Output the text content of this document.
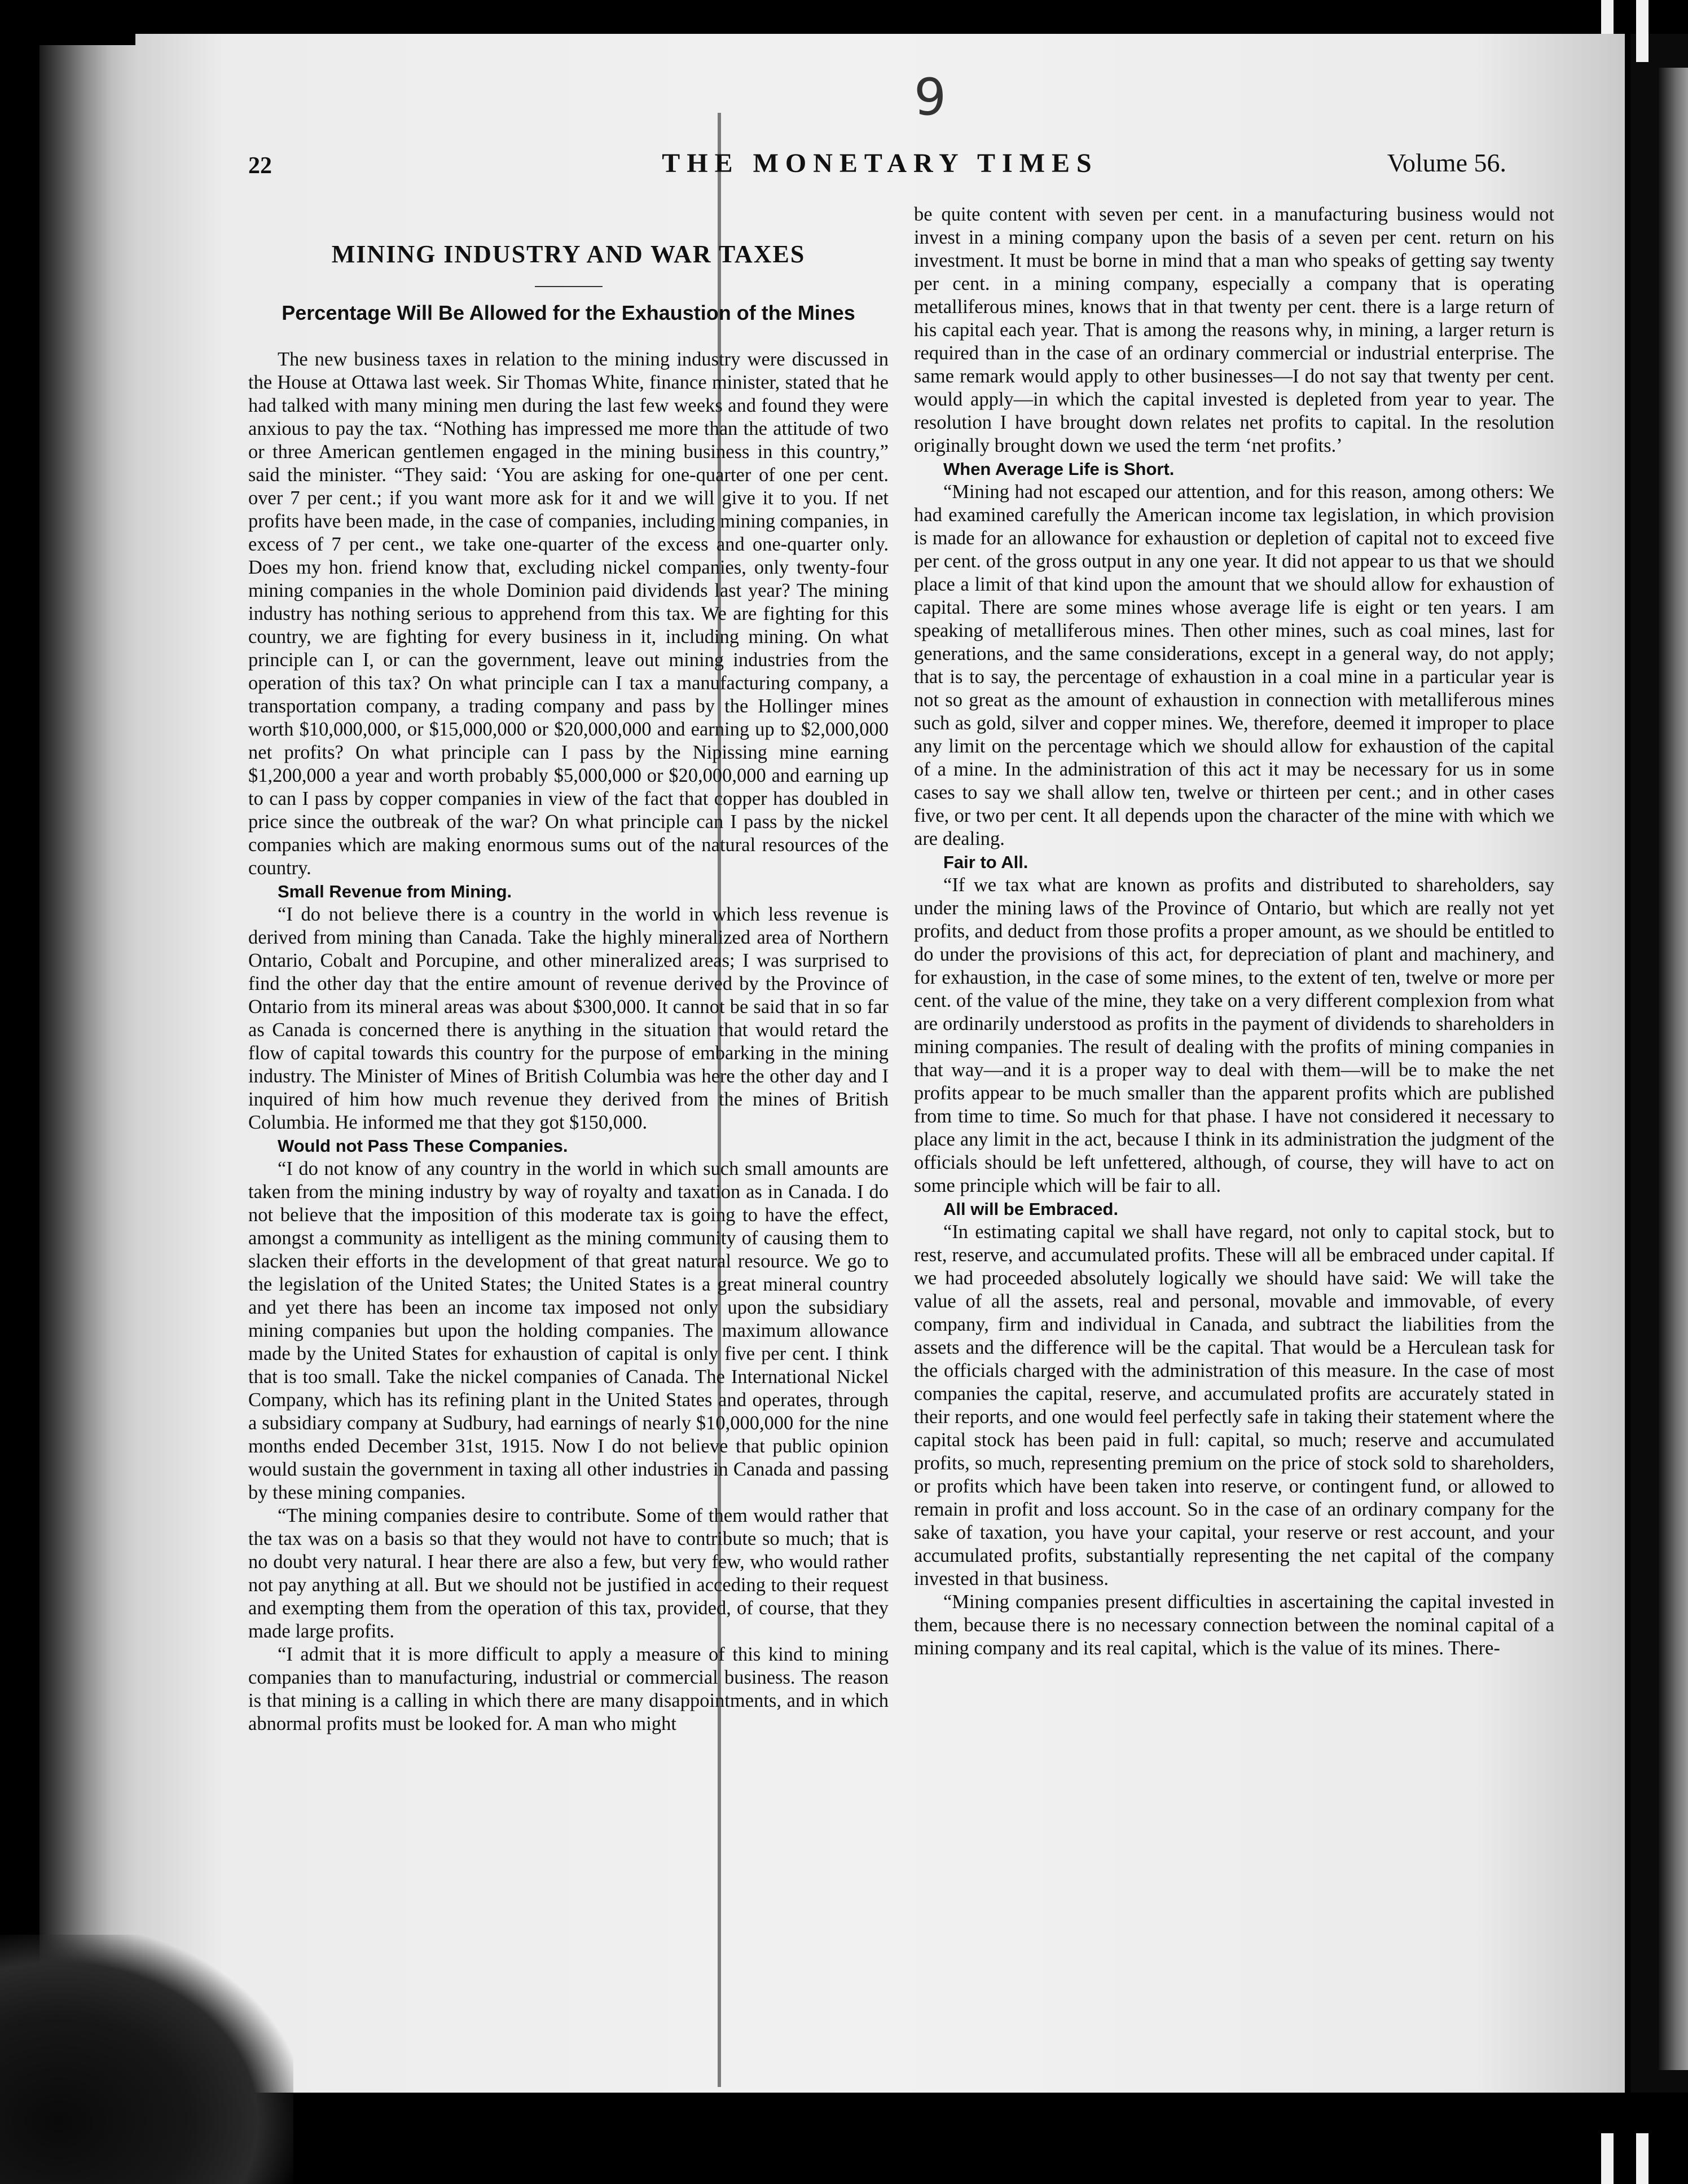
9
22	THE MONETARY TIMES	Volume 56.
MINING INDUSTRY AND WAR TAXES
Percentage Will Be Allowed for the Exhaustion of the Mines

The new business taxes in relation to the mining industry were discussed in the House at Ottawa last week. Sir Thomas White, finance minister, stated that he had talked with many mining men during the last few weeks and found they were anxious to pay the tax. “Nothing has impressed me more than the attitude of two or three American gentlemen engaged in the mining business in this country,” said the minister. “They said: ‘You are asking for one-quarter of one per cent. over 7 per cent.; if you want more ask for it and we will give it to you. If net profits have been made, in the case of companies, including mining companies, in excess of 7 per cent., we take one-quarter of the excess and one-quarter only. Does my hon. friend know that, excluding nickel companies, only twenty-four mining companies in the whole Dominion paid dividends last year? The mining industry has nothing serious to apprehend from this tax. We are fighting for this country, we are fighting for every business in it, including mining. On what principle can I, or can the government, leave out mining industries from the operation of this tax? On what principle can I tax a manufacturing company, a transportation company, a trading company and pass by the Hollinger mines worth $10,000,000, or $15,000,000 or $20,000,000 and earning up to $2,000,000 net profits? On what principle can I pass by the Nipissing mine earning $1,200,000 a year and worth probably $5,000,000 or $20,000,000 and earning up to can I pass by copper companies in view of the fact that copper has doubled in price since the outbreak of the war? On what principle can I pass by the nickel companies which are making enormous sums out of the natural resources of the country.

Small Revenue from Mining.

“I do not believe there is a country in the world in which less revenue is derived from mining than Canada. Take the highly mineralized area of Northern Ontario, Cobalt and Porcupine, and other mineralized areas; I was surprised to find the other day that the entire amount of revenue derived by the Province of Ontario from its mineral areas was about $300,000. It cannot be said that in so far as Canada is concerned there is anything in the situation that would retard the flow of capital towards this country for the purpose of embarking in the mining industry. The Minister of Mines of British Columbia was here the other day and I inquired of him how much revenue they derived from the mines of British Columbia. He informed me that they got $150,000.

Would not Pass These Companies.

“I do not know of any country in the world in which such small amounts are taken from the mining industry by way of royalty and taxation as in Canada. I do not believe that the imposition of this moderate tax is going to have the effect, amongst a community as intelligent as the mining community of causing them to slacken their efforts in the development of that great natural resource. We go to the legislation of the United States; the United States is a great mineral country and yet there has been an income tax imposed not only upon the subsidiary mining companies but upon the holding companies. The maximum allowance made by the United States for exhaustion of capital is only five per cent. I think that is too small. Take the nickel companies of Canada. The International Nickel Company, which has its refining plant in the United States and operates, through a subsidiary company at Sudbury, had earnings of nearly $10,000,000 for the nine months ended December 31st, 1915. Now I do not believe that public opinion would sustain the government in taxing all other industries in Canada and passing by these mining companies.

“The mining companies desire to contribute. Some of them would rather that the tax was on a basis so that they would not have to contribute so much; that is no doubt very natural. I hear there are also a few, but very few, who would rather not pay anything at all. But we should not be justified in acceding to their request and exempting them from the operation of this tax, provided, of course, that they made large profits.

“I admit that it is more difficult to apply a measure of this kind to mining companies than to manufacturing, industrial or commercial business. The reason is that mining is a calling in which there are many disappointments, and in which abnormal profits must be looked for. A man who might

be quite content with seven per cent. in a manufacturing business would not invest in a mining company upon the basis of a seven per cent. return on his investment. It must be borne in mind that a man who speaks of getting say twenty per cent. in a mining company, especially a company that is operating metalliferous mines, knows that in that twenty per cent. there is a large return of his capital each year. That is among the reasons why, in mining, a larger return is required than in the case of an ordinary commercial or industrial enterprise. The same remark would apply to other businesses—I do not say that twenty per cent. would apply—in which the capital invested is depleted from year to year. The resolution I have brought down relates net profits to capital. In the resolution originally brought down we used the term ‘net profits.’

When Average Life is Short.

“Mining had not escaped our attention, and for this reason, among others: We had examined carefully the American income tax legislation, in which provision is made for an allowance for exhaustion or depletion of capital not to exceed five per cent. of the gross output in any one year. It did not appear to us that we should place a limit of that kind upon the amount that we should allow for exhaustion of capital. There are some mines whose average life is eight or ten years. I am speaking of metalliferous mines. Then other mines, such as coal mines, last for generations, and the same considerations, except in a general way, do not apply; that is to say, the percentage of exhaustion in a coal mine in a particular year is not so great as the amount of exhaustion in connection with metalliferous mines such as gold, silver and copper mines. We, therefore, deemed it improper to place any limit on the percentage which we should allow for exhaustion of the capital of a mine. In the administration of this act it may be necessary for us in some cases to say we shall allow ten, twelve or thirteen per cent.; and in other cases five, or two per cent. It all depends upon the character of the mine with which we are dealing.

Fair to All.

“If we tax what are known as profits and distributed to shareholders, say under the mining laws of the Province of Ontario, but which are really not yet profits, and deduct from those profits a proper amount, as we should be entitled to do under the provisions of this act, for depreciation of plant and machinery, and for exhaustion, in the case of some mines, to the extent of ten, twelve or more per cent. of the value of the mine, they take on a very different complexion from what are ordinarily understood as profits in the payment of dividends to shareholders in mining companies. The result of dealing with the profits of mining companies in that way—and it is a proper way to deal with them—will be to make the net profits appear to be much smaller than the apparent profits which are published from time to time. So much for that phase. I have not considered it necessary to place any limit in the act, because I think in its administration the judgment of the officials should be left unfettered, although, of course, they will have to act on some principle which will be fair to all.

All will be Embraced.

“In estimating capital we shall have regard, not only to capital stock, but to rest, reserve, and accumulated profits. These will all be embraced under capital. If we had proceeded absolutely logically we should have said: We will take the value of all the assets, real and personal, movable and immovable, of every company, firm and individual in Canada, and subtract the liabilities from the assets and the difference will be the capital. That would be a Herculean task for the officials charged with the administration of this measure. In the case of most companies the capital, reserve, and accumulated profits are accurately stated in their reports, and one would feel perfectly safe in taking their statement where the capital stock has been paid in full: capital, so much; reserve and accumulated profits, so much, representing premium on the price of stock sold to shareholders, or profits which have been taken into reserve, or contingent fund, or allowed to remain in profit and loss account. So in the case of an ordinary company for the sake of taxation, you have your capital, your reserve or rest account, and your accumulated profits, substantially representing the net capital of the company invested in that business.

“Mining companies present difficulties in ascertaining the capital invested in them, because there is no necessary connection between the nominal capital of a mining company and its real capital, which is the value of its mines. There-
